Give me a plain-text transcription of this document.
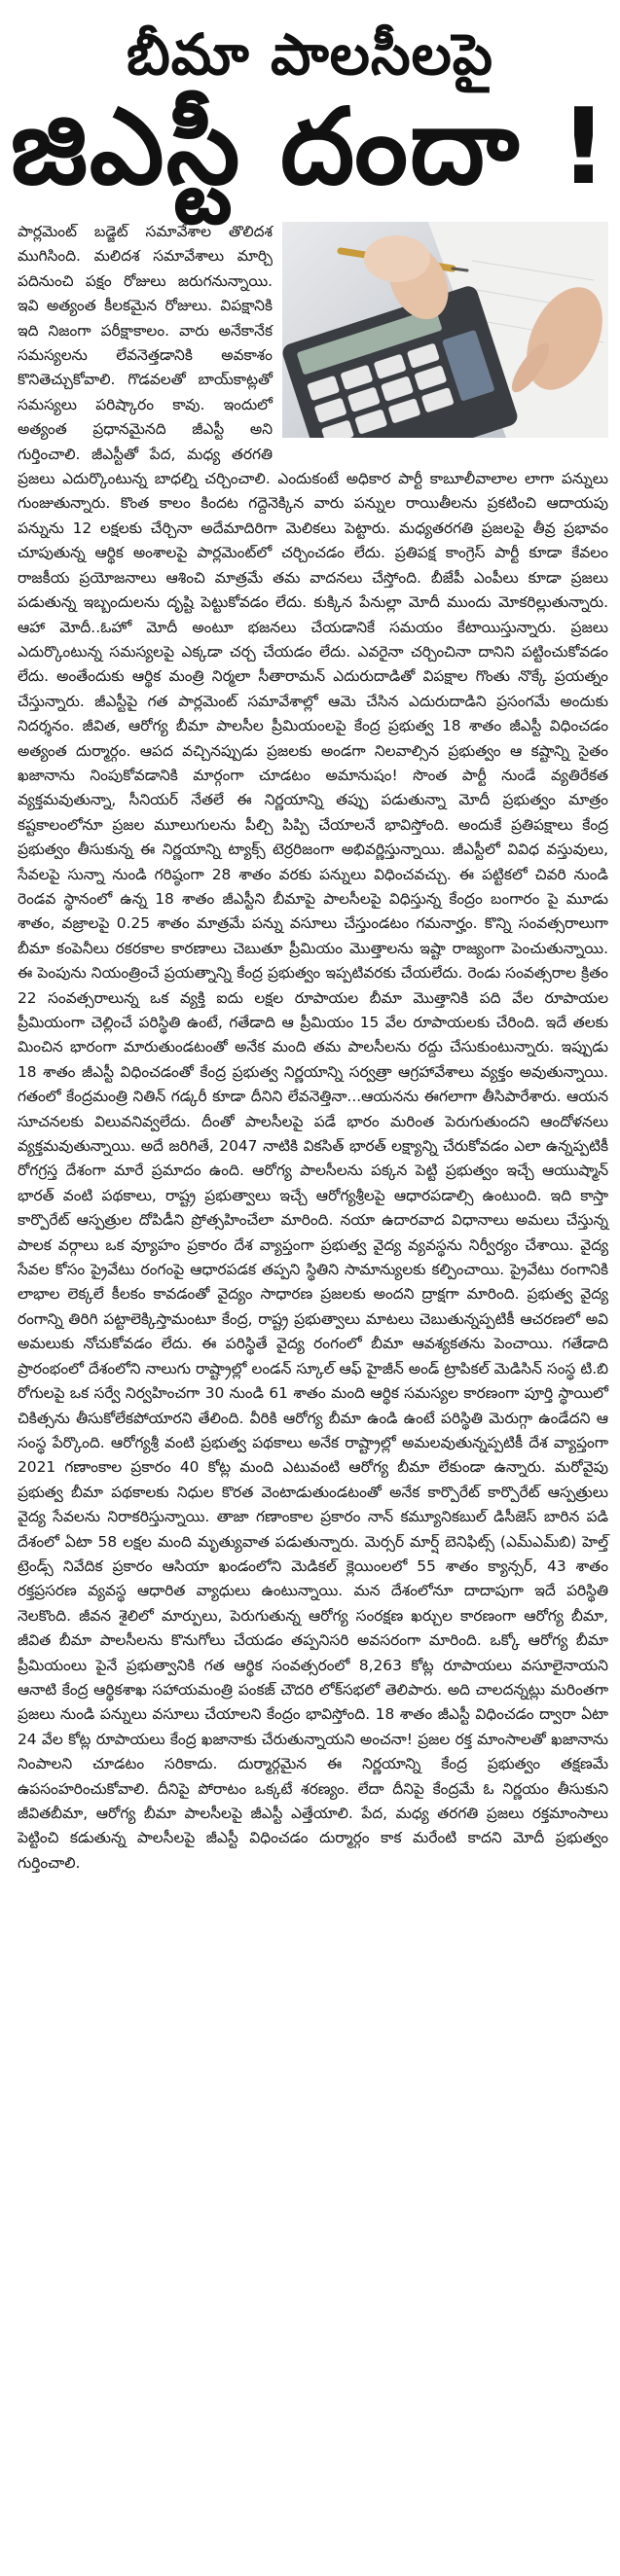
బీమా పాలసీలపై
జిఎస్టీ దందా !

పార్లమెంట్ బడ్జెట్ సమావేశాల తొలిదశ ముగిసింది. మలిదశ సమావేశాలు మార్చి పదినుంచి పక్షం రోజులు జరుగనున్నాయి. ఇవి అత్యంత కీలకమైన రోజులు. విపక్షానికి ఇది నిజంగా పరీక్షాకాలం. వారు అనేకానేక సమస్యలను లేవనెత్తడానికి అవకాశం కొనితెచ్చుకోవాలి. గొడవలతో బాయ్‌కాట్లతో సమస్యలు పరిష్కారం కావు. ఇందులో అత్యంత ప్రధానమైనది జీఎస్టీ అని గుర్తించాలి. జీఎస్టీతో పేద, మధ్య తరగతి ప్రజలు ఎదుర్కొంటున్న బాధల్ని చర్చించాలి. ఎందుకంటే అధికార పార్టీ కాబూలీవాలాల లాగా పన్నులు గుంజుతున్నారు. కొంత కాలం కిందట గద్దెనెక్కిన వారు పన్నుల రాయితీలను ప్రకటించి ఆదాయపు పన్నును 12 లక్షలకు చేర్చినా అదేమాదిరిగా మెలికలు పెట్టారు. మధ్యతరగతి ప్రజలపై తీవ్ర ప్రభావం చూపుతున్న ఆర్థిక అంశాలపై పార్లమెంట్‌లో చర్చించడం లేదు. ప్రతిపక్ష కాంగ్రెస్ పార్టీ కూడా కేవలం రాజకీయ ప్రయోజనాలు ఆశించి మాత్రమే తమ వాదనలు చేస్తోంది. బీజేపీ ఎంపీలు కూడా ప్రజలు పడుతున్న ఇబ్బందులను దృష్టి పెట్టుకోవడం లేదు. కుక్కిన పేనుల్లా మోదీ ముందు మోకరిల్లుతున్నారు. ఆహా మోదీ..ఓహో మోదీ అంటూ భజనలు చేయడానికే సమయం కేటాయిస్తున్నారు. ప్రజలు ఎదుర్కొంటున్న సమస్యలపై ఎక్కడా చర్చ చేయడం లేదు. ఎవరైనా చర్చించినా దానిని పట్టించుకోవడం లేదు. అంతేందుకు ఆర్థిక మంత్రి నిర్మలా సీతారామన్ ఎదురుదాడితో విపక్షాల గొంతు నొక్కే ప్రయత్నం చేస్తున్నారు. జీఎస్టీపై గత పార్లమెంట్ సమావేశాల్లో ఆమె చేసిన ఎదురుదాడిని ప్రసంగమే అందుకు నిదర్శనం. జీవిత, ఆరోగ్య బీమా పాలసీల ప్రీమియంలపై కేంద్ర ప్రభుత్వ 18 శాతం జీఎస్టీ విధించడం అత్యంత దుర్మార్గం. ఆపద వచ్చినప్పుడు ప్రజలకు అండగా నిలవాల్సిన ప్రభుత్వం ఆ కష్టాన్ని సైతం ఖజానాను నింపుకోవడానికి మార్గంగా చూడటం అమానుషం! సొంత పార్టీ నుండే వ్యతిరేకత వ్యక్తమవుతున్నా, సీనియర్ నేతలే ఈ నిర్ణయాన్ని తప్పు పడుతున్నా మోదీ ప్రభుత్వం మాత్రం కష్టకాలంలోనూ ప్రజల మూలుగులను పీల్చి పిప్పి చేయాలనే భావిస్తోంది. అందుకే ప్రతిపక్షాలు కేంద్ర ప్రభుత్వం తీసుకున్న ఈ నిర్ణయాన్ని ట్యాక్స్ టెర్రరిజంగా అభివర్ణిస్తున్నాయి. జీఎస్టీలో వివిధ వస్తువులు, సేవలపై సున్నా నుండి గరిష్ఠంగా 28 శాతం వరకు పన్నులు విధించవచ్చు. ఈ పట్టికలో చివరి నుండి రెండవ స్థానంలో ఉన్న 18 శాతం జీఎస్టీని బీమాపై పాలసీలపై విధిస్తున్న కేంద్రం బంగారం పై మూడు శాతం, వజ్రాలపై 0.25 శాతం మాత్రమే పన్ను వసూలు చేస్తుండటం గమనార్హం. కొన్ని సంవత్సరాలుగా బీమా కంపెనీలు రకరకాల కారణాలు చెబుతూ ప్రీమియం మొత్తాలను ఇష్టా రాజ్యంగా పెంచుతున్నాయి. ఈ పెంపును నియంత్రించే ప్రయత్నాన్ని కేంద్ర ప్రభుత్వం ఇప్పటివరకు చేయలేదు. రెండు సంవత్సరాల క్రితం 22 సంవత్సరాలున్న ఒక వ్యక్తి ఐదు లక్షల రూపాయల బీమా మొత్తానికి పది వేల రూపాయల ప్రీమియంగా చెల్లించే పరిస్థితి ఉంటే, గతేడాది ఆ ప్రీమియం 15 వేల రూపాయలకు చేరింది. ఇదే తలకు మించిన భారంగా మారుతుండటంతో అనేక మంది తమ పాలసీలను రద్దు చేసుకుంటున్నారు. ఇప్పుడు 18 శాతం జీఎస్టీ విధించడంతో కేంద్ర ప్రభుత్వ నిర్ణయాన్ని సర్వత్రా ఆగ్రహావేశాలు వ్యక్తం అవుతున్నాయి. గతంలో కేంద్రమంత్రి నితిన్ గడ్కరీ కూడా దీనిని లేవనెత్తినా...ఆయనను ఈగలాగా తీసిపారేశారు. ఆయన సూచనలకు విలువనివ్వలేదు. దీంతో పాలసీలపై పడే భారం మరింత పెరుగుతుందని ఆందోళనలు వ్యక్తమవుతున్నాయి. అదే జరిగితే, 2047 నాటికి వికసిత్ భారత్ లక్ష్యాన్ని చేరుకోవడం ఎలా ఉన్నప్పటికీ రోగగ్రస్త దేశంగా మారే ప్రమాదం ఉంది. ఆరోగ్య పాలసీలను పక్కన పెట్టి ప్రభుత్వం ఇచ్చే ఆయుష్మాన్ భారత్ వంటి పథకాలు, రాష్ట్ర ప్రభుత్వాలు ఇచ్చే ఆరోగ్యశ్రీలపై ఆధారపడాల్సి ఉంటుంది. ఇది కాస్తా కార్పొరేట్ ఆస్పత్రుల దోపిడీని ప్రోత్సహించేలా మారింది. నయా ఉదారవాద విధానాలు అమలు చేస్తున్న పాలక వర్గాలు ఒక వ్యూహం ప్రకారం దేశ వ్యాప్తంగా ప్రభుత్వ వైద్య వ్యవస్థను నిర్వీర్యం చేశాయి. వైద్య సేవల కోసం ప్రైవేటు రంగంపై ఆధారపడక తప్పని స్థితిని సామాన్యులకు కల్పించాయి. ప్రైవేటు రంగానికి లాభాల లెక్కలే కీలకం కావడంతో వైద్యం సాధారణ ప్రజలకు అందని ద్రాక్షగా మారింది. ప్రభుత్వ వైద్య రంగాన్ని తిరిగి పట్టాలెక్కిస్తామంటూ కేంద్ర, రాష్ట్ర ప్రభుత్వాలు మాటలు చెబుతున్నప్పటికీ ఆచరణలో అవి అమలుకు నోచుకోవడం లేదు. ఈ పరిస్థితే వైద్య రంగంలో బీమా ఆవశ్యకతను పెంచాయి. గతేడాది ప్రారంభంలో దేశంలోని నాలుగు రాష్ట్రాల్లో లండన్ స్కూల్ ఆఫ్ హైజీన్ అండ్ ట్రాపికల్ మెడిసిన్ సంస్థ టి.బి రోగులపై ఒక సర్వే నిర్వహించగా 30 నుండి 61 శాతం మంది ఆర్థిక సమస్యల కారణంగా పూర్తి స్థాయిలో చికిత్సను తీసుకోలేకపోయారని తేలింది. వీరికి ఆరోగ్య బీమా ఉండి ఉంటే పరిస్థితి మెరుగ్గా ఉండేదని ఆ సంస్థ పేర్కొంది. ఆరోగ్యశ్రీ వంటి ప్రభుత్వ పథకాలు అనేక రాష్ట్రాల్లో అమలవుతున్నప్పటికీ దేశ వ్యాప్తంగా 2021 గణాంకాల ప్రకారం 40 కోట్ల మంది ఎటువంటి ఆరోగ్య బీమా లేకుండా ఉన్నారు. మరోవైపు ప్రభుత్వ బీమా పథకాలకు నిధుల కొరత వెంటాడుతుండటంతో అనేక కార్పొరేట్ కార్పొరేట్ ఆస్పత్రులు వైద్య సేవలను నిరాకరిస్తున్నాయి. తాజా గణాంకాల ప్రకారం నాన్ కమ్యూనికబుల్ డిసీజెస్ బారిన పడి దేశంలో ఏటా 58 లక్షల మంది మృత్యువాత పడుతున్నారు. మెర్సర్ మార్ష్ బెనిఫిట్స్ (ఎమ్ఎమ్‌బి) హెల్త్ ట్రెండ్స్ నివేదిక ప్రకారం ఆసియా ఖండంలోని మెడికల్ క్లెయింలలో 55 శాతం క్యాన్సర్, 43 శాతం రక్తప్రసరణ వ్యవస్థ ఆధారిత వ్యాధులు ఉంటున్నాయి. మన దేశంలోనూ దాదాపుగా ఇదే పరిస్థితి నెలకొంది. జీవన శైలిలో మార్పులు, పెరుగుతున్న ఆరోగ్య సంరక్షణ ఖర్చుల కారణంగా ఆరోగ్య బీమా, జీవిత బీమా పాలసీలను కొనుగోలు చేయడం తప్పనిసరి అవసరంగా మారింది. ఒక్కో ఆరోగ్య బీమా ప్రీమియంలు పైనే ప్రభుత్వానికి గత ఆర్థిక సంవత్సరంలో 8,263 కోట్ల రూపాయలు వసూలైనాయని ఆనాటి కేంద్ర ఆర్థికశాఖ సహాయమంత్రి పంకజ్ చౌదరి లోక్‌సభలో తెలిపారు. అది చాలదన్నట్లు మరింతగా ప్రజలు నుండి పన్నులు వసూలు చేయాలని కేంద్రం భావిస్తోంది. 18 శాతం జీఎస్టీ విధించడం ద్వారా ఏటా 24 వేల కోట్ల రూపాయలు కేంద్ర ఖజానాకు చేరుతున్నాయని అంచనా! ప్రజల రక్త మాంసాలతో ఖజానాను నింపాలని చూడటం సరికాదు. దుర్మార్గమైన ఈ నిర్ణయాన్ని కేంద్ర ప్రభుత్వం తక్షణమే ఉపసంహరించుకోవాలి. దీనిపై పోరాటం ఒక్కటే శరణ్యం. లేదా దీనిపై కేంద్రమే ఓ నిర్ణయం తీసుకుని జీవితబీమా, ఆరోగ్య బీమా పాలసీలపై జీఎస్టీ ఎత్తేయాలి. పేద, మధ్య తరగతి ప్రజలు రక్తమాంసాలు పెట్టించి కడుతున్న పాలసీలపై జీఎస్టీ విధించడం దుర్మార్గం కాక మరేంటి కాదని మోదీ ప్రభుత్వం గుర్తించాలి.
